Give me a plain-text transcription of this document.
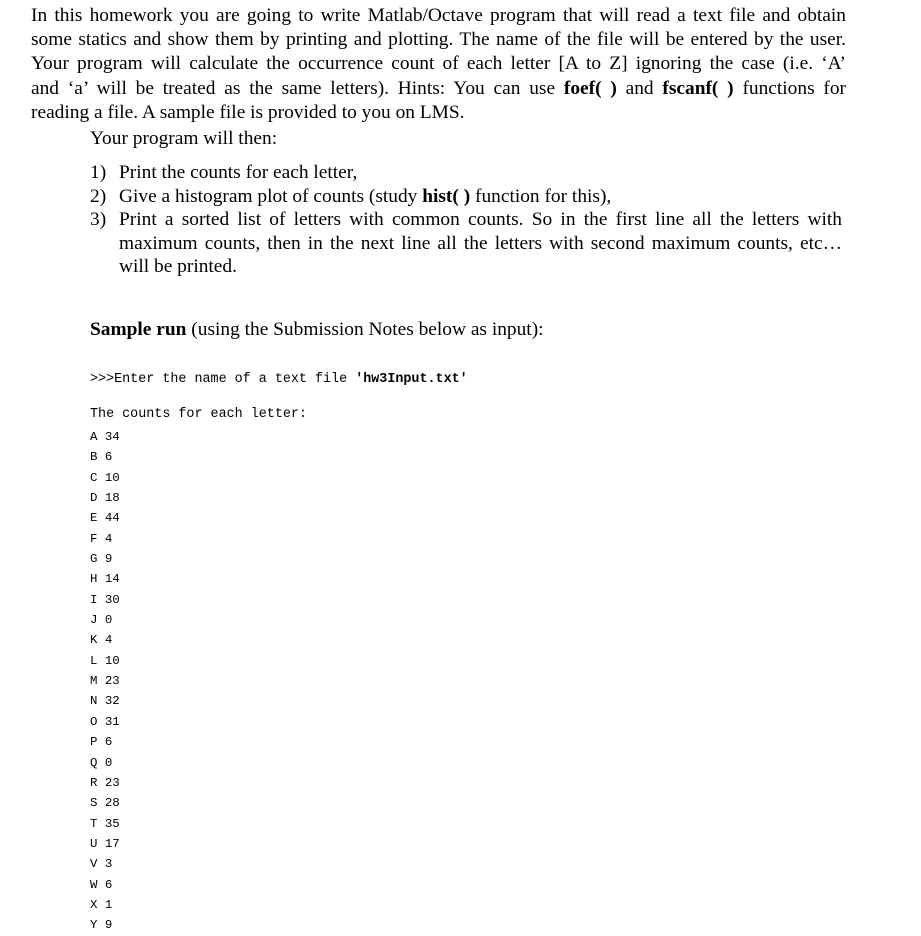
In this homework you are going to write Matlab/Octave program that will read a text file and obtain
some statics and show them by printing and plotting. The name of the file will be entered by the user.
Your program will calculate the occurrence count of each letter [A to Z] ignoring the case (i.e. ‘A’
and ‘a’ will be treated as the same letters). Hints: You can use foef( ) and fscanf( ) functions for
reading a file. A sample file is provided to you on LMS.

Your program will then:

1) Print the counts for each letter,
2) Give a histogram plot of counts (study hist( ) function for this),
3) Print a sorted list of letters with common counts. So in the first line all the letters with maximum counts, then in the next line all the letters with second maximum counts, etc… will be printed.

Sample run (using the Submission Notes below as input):

>>>Enter the name of a text file 'hw3Input.txt'
The counts for each letter:
A 34
B 6
C 10
D 18
E 44
F 4
G 9
H 14
I 30
J 0
K 4
L 10
M 23
N 32
O 31
P 6
Q 0
R 23
S 28
T 35
U 17
V 3
W 6
X 1
Y 9
